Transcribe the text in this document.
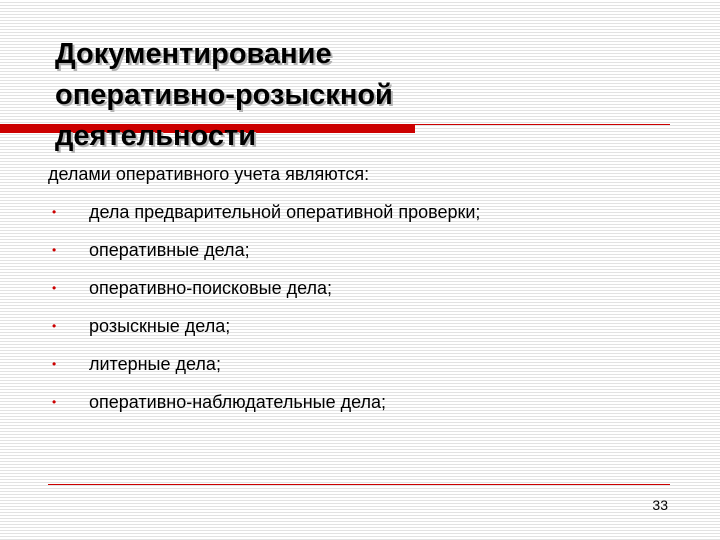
Документирование
оперативно-розыскной
деятельности

делами оперативного учета являются:

•	дела предварительной оперативной проверки;
•	оперативные дела;
•	оперативно-поисковые дела;
•	розыскные дела;
•	литерные дела;
•	оперативно-наблюдательные дела;
33
